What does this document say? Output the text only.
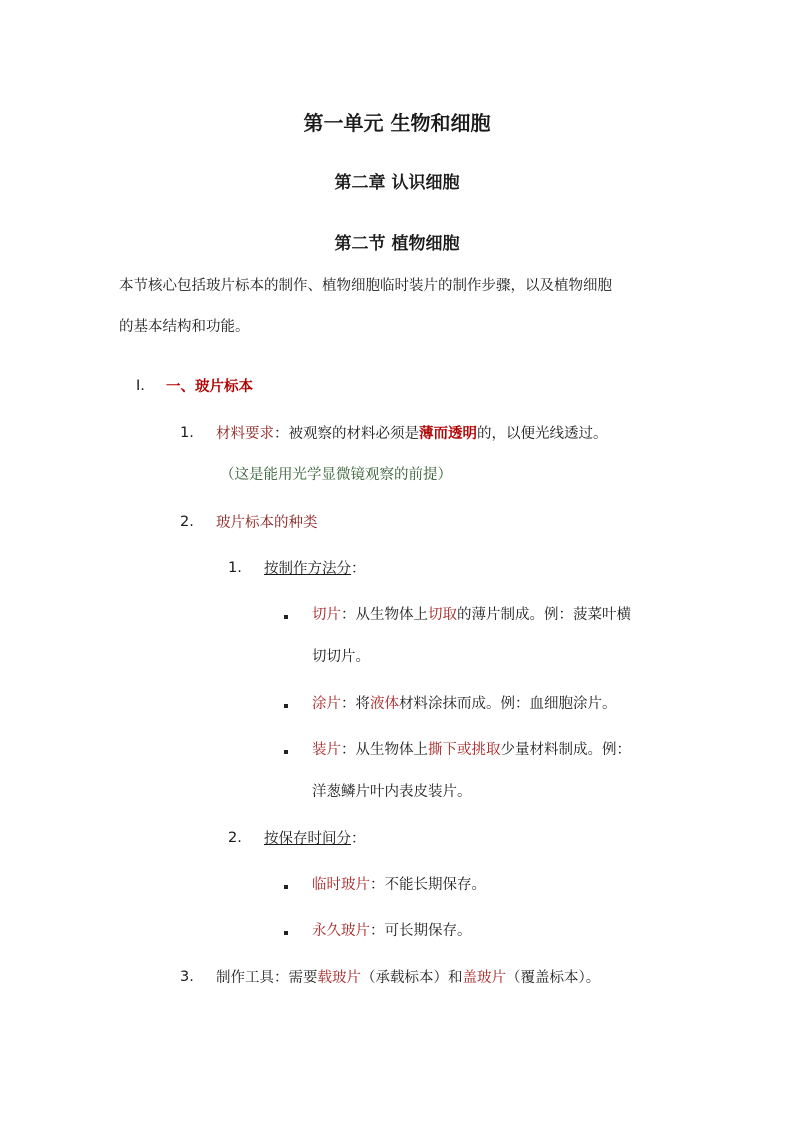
第一单元 生物和细胞
第二章 认识细胞
第二节 植物细胞
本节核心包括玻片标本的制作、植物细胞临时装片的制作步骤，以及植物细胞
的基本结构和功能。
I. 一、玻片标本
1. 材料要求：被观察的材料必须是薄而透明的，以便光线透过。
（这是能用光学显微镜观察的前提）
2. 玻片标本的种类
1. 按制作方法分：
切片：从生物体上切取的薄片制成。例：菠菜叶横
切切片。
涂片：将液体材料涂抹而成。例：血细胞涂片。
装片：从生物体上撕下或挑取少量材料制成。例：
洋葱鳞片叶内表皮装片。
2. 按保存时间分：
临时玻片：不能长期保存。
永久玻片：可长期保存。
3. 制作工具：需要载玻片（承载标本）和盖玻片（覆盖标本）。
